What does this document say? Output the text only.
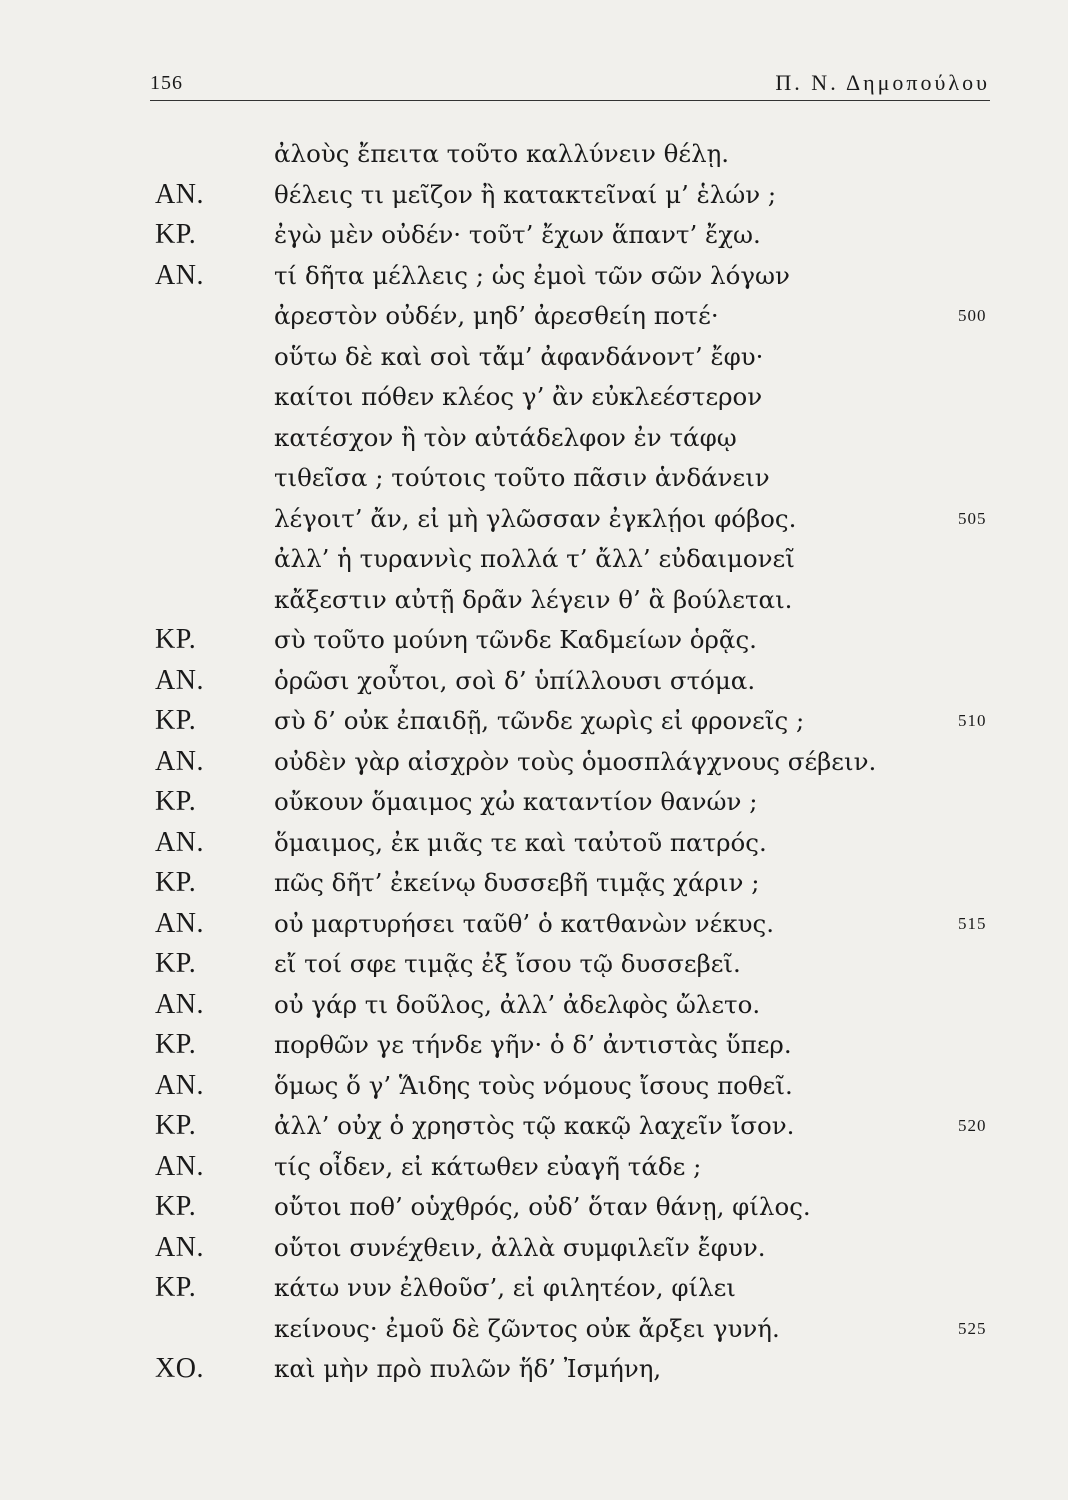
156	Π. Ν. Δημοπούλου
ἀλοὺς ἔπειτα τοῦτο καλλύνειν θέλῃ.
ΑΝ.	θέλεις τι μεῖζον ἢ κατακτεῖναί μ’ ἑλών ;
ΚΡ.	ἐγὼ μὲν οὐδέν· τοῦτ’ ἔχων ἅπαντ’ ἔχω.
ΑΝ.	τί δῆτα μέλλεις ; ὡς ἐμοὶ τῶν σῶν λόγων
ἀρεστὸν οὐδέν, μηδ’ ἀρεσθείη ποτέ·	500
οὕτω δὲ καὶ σοὶ τἄμ’ ἀφανδάνοντ’ ἔφυ·
καίτοι πόθεν κλέος γ’ ἂν εὐκλεέστερον
κατέσχον ἢ τὸν αὐτάδελφον ἐν τάφῳ
τιθεῖσα ; τούτοις τοῦτο πᾶσιν ἁνδάνειν
λέγοιτ’ ἄν, εἰ μὴ γλῶσσαν ἐγκλῄοι φόβος.	505
ἀλλ’ ἡ τυραννὶς πολλά τ’ ἄλλ’ εὐδαιμονεῖ
κἄξεστιν αὐτῇ δρᾶν λέγειν θ’ ἃ βούλεται.
ΚΡ.	σὺ τοῦτο μούνη τῶνδε Καδμείων ὁρᾷς.
ΑΝ.	ὁρῶσι χοὗτοι, σοὶ δ’ ὑπίλλουσι στόμα.
ΚΡ.	σὺ δ’ οὐκ ἐπαιδῇ, τῶνδε χωρὶς εἰ φρονεῖς ;	510
ΑΝ.	οὐδὲν γὰρ αἰσχρὸν τοὺς ὁμοσπλάγχνους σέβειν.
ΚΡ.	οὔκουν ὅμαιμος χὠ καταντίον θανών ;
ΑΝ.	ὅμαιμος, ἐκ μιᾶς τε καὶ ταὐτοῦ πατρός.
ΚΡ.	πῶς δῆτ’ ἐκείνῳ δυσσεβῆ τιμᾷς χάριν ;
ΑΝ.	οὐ μαρτυρήσει ταῦθ’ ὁ κατθανὼν νέκυς.	515
ΚΡ.	εἴ τοί σφε τιμᾷς ἐξ ἴσου τῷ δυσσεβεῖ.
ΑΝ.	οὐ γάρ τι δοῦλος, ἀλλ’ ἀδελφὸς ὤλετο.
ΚΡ.	πορθῶν γε τήνδε γῆν· ὁ δ’ ἀντιστὰς ὕπερ.
ΑΝ.	ὅμως ὅ γ’ Ἅιδης τοὺς νόμους ἴσους ποθεῖ.
ΚΡ.	ἀλλ’ οὐχ ὁ χρηστὸς τῷ κακῷ λαχεῖν ἴσον.	520
ΑΝ.	τίς οἶδεν, εἰ κάτωθεν εὐαγῆ τάδε ;
ΚΡ.	οὔτοι ποθ’ οὑχθρός, οὐδ’ ὅταν θάνῃ, φίλος.
ΑΝ.	οὔτοι συνέχθειν, ἀλλὰ συμφιλεῖν ἔφυν.
ΚΡ.	κάτω νυν ἐλθοῦσ’, εἰ φιλητέον, φίλει
κείνους· ἐμοῦ δὲ ζῶντος οὐκ ἄρξει γυνή.	525
ΧΟ.	καὶ μὴν πρὸ πυλῶν ἥδ’ Ἰσμήνη,
